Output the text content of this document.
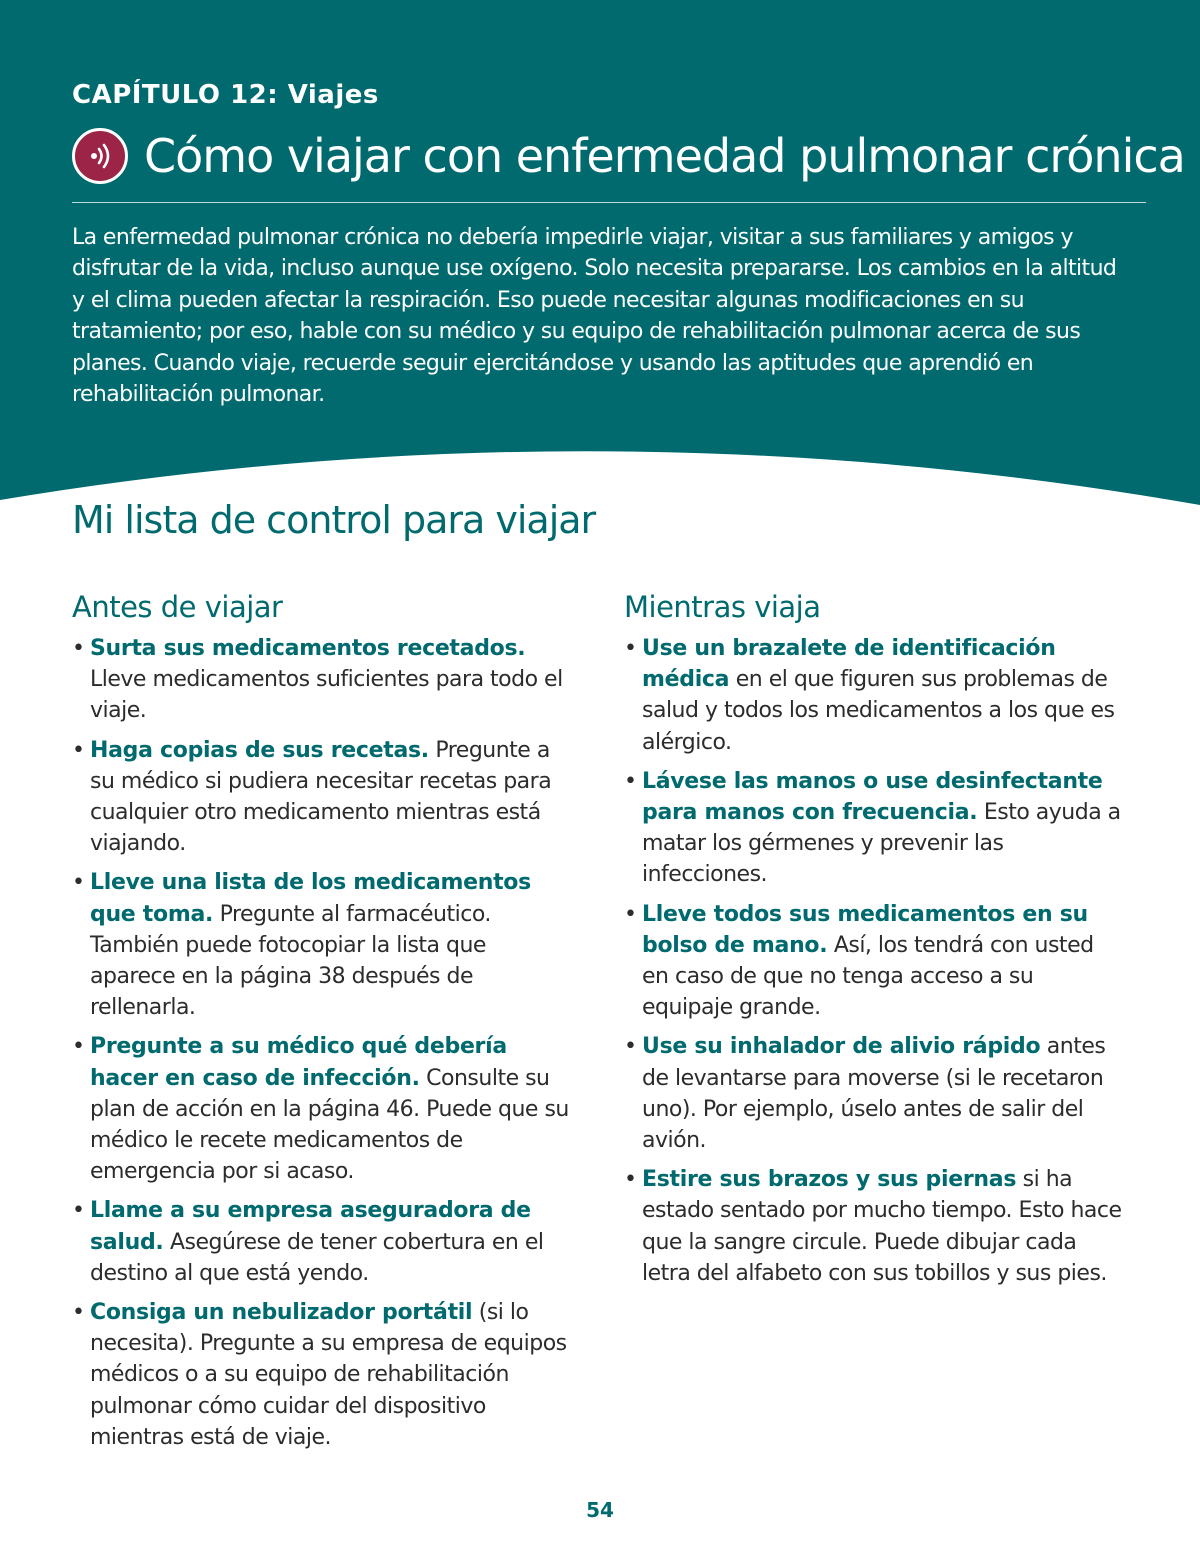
CAPÍTULO 12: Viajes
Cómo viajar con enfermedad pulmonar crónica

La enfermedad pulmonar crónica no debería impedirle viajar, visitar a sus familiares y amigos y disfrutar de la vida, incluso aunque use oxígeno. Solo necesita prepararse. Los cambios en la altitud y el clima pueden afectar la respiración. Eso puede necesitar algunas modificaciones en su tratamiento; por eso, hable con su médico y su equipo de rehabilitación pulmonar acerca de sus planes. Cuando viaje, recuerde seguir ejercitándose y usando las aptitudes que aprendió en rehabilitación pulmonar.

Mi lista de control para viajar
Antes de viajar
• Surta sus medicamentos recetados. Lleve medicamentos suficientes para todo el viaje.
• Haga copias de sus recetas. Pregunte a su médico si pudiera necesitar recetas para cualquier otro medicamento mientras está viajando.
• Lleve una lista de los medicamentos que toma. Pregunte al farmacéutico. También puede fotocopiar la lista que aparece en la página 38 después de rellenarla.
• Pregunte a su médico qué debería hacer en caso de infección. Consulte su plan de acción en la página 46. Puede que su médico le recete medicamentos de emergencia por si acaso.
• Llame a su empresa aseguradora de salud. Asegúrese de tener cobertura en el destino al que está yendo.
• Consiga un nebulizador portátil (si lo necesita). Pregunte a su empresa de equipos médicos o a su equipo de rehabilitación pulmonar cómo cuidar del dispositivo mientras está de viaje.
Mientras viaja
• Use un brazalete de identificación médica en el que figuren sus problemas de salud y todos los medicamentos a los que es alérgico.
• Lávese las manos o use desinfectante para manos con frecuencia. Esto ayuda a matar los gérmenes y prevenir las infecciones.
• Lleve todos sus medicamentos en su bolso de mano. Así, los tendrá con usted en caso de que no tenga acceso a su equipaje grande.
• Use su inhalador de alivio rápido antes de levantarse para moverse (si le recetaron uno). Por ejemplo, úselo antes de salir del avión.
• Estire sus brazos y sus piernas si ha estado sentado por mucho tiempo. Esto hace que la sangre circule. Puede dibujar cada letra del alfabeto con sus tobillos y sus pies.
54
